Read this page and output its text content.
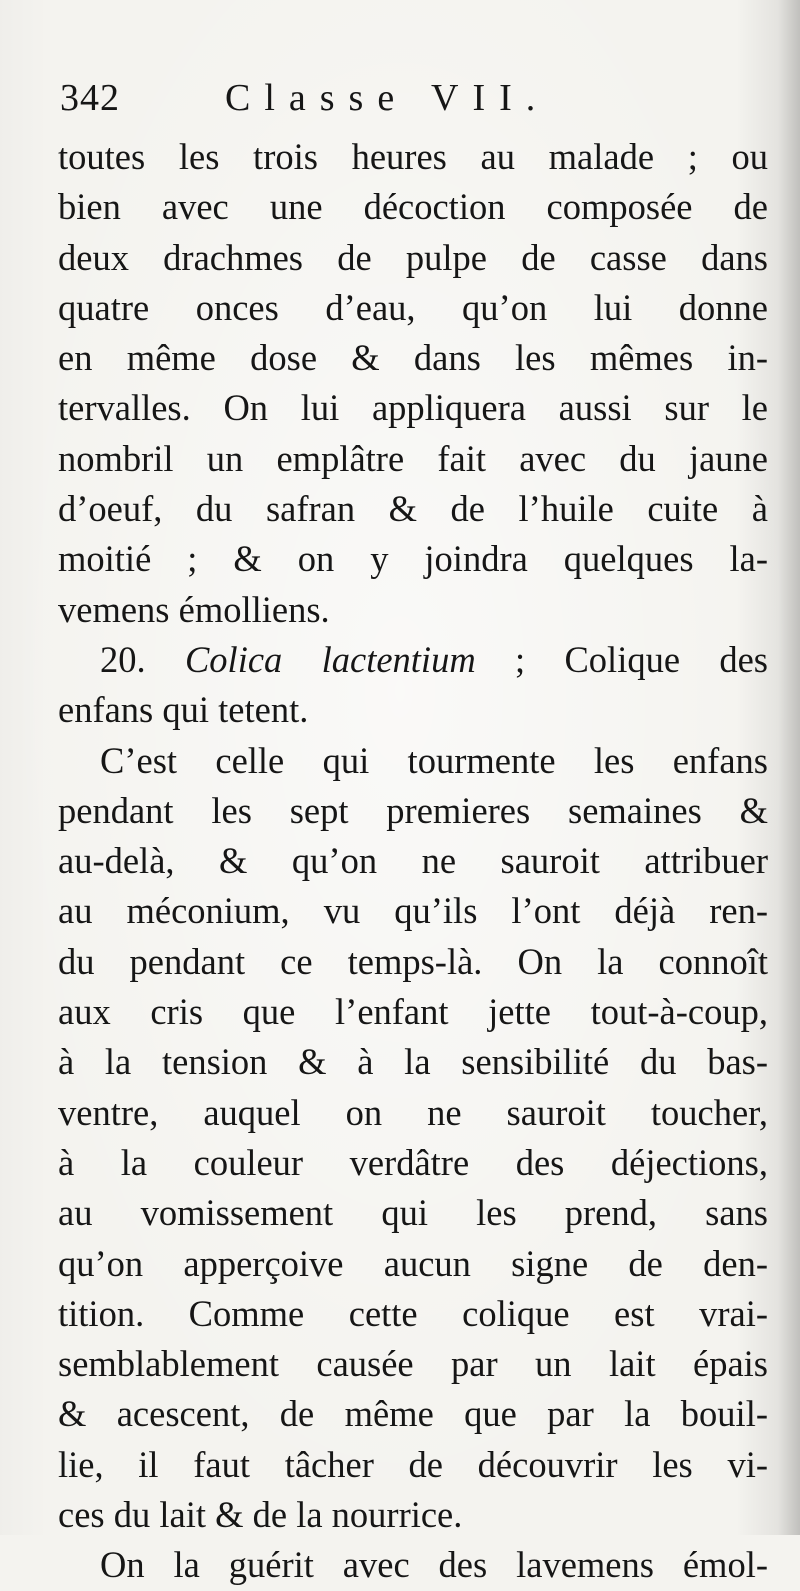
342	Classe VII.
toutes les trois heures au malade ; ou
bien avec une décoction composée de
deux drachmes de pulpe de casse dans
quatre onces d’eau, qu’on lui donne
en même dose & dans les mêmes in-
tervalles. On lui appliquera aussi sur le
nombril un emplâtre fait avec du jaune
d’oeuf, du safran & de l’huile cuite à
moitié ; & on y joindra quelques la-
vemens émolliens.
20. Colica lactentium ; Colique des
enfans qui tetent.
C’est celle qui tourmente les enfans
pendant les sept premieres semaines &
au-delà, & qu’on ne sauroit attribuer
au méconium, vu qu’ils l’ont déjà ren-
du pendant ce temps-là. On la connoît
aux cris que l’enfant jette tout-à-coup,
à la tension & à la sensibilité du bas-
ventre, auquel on ne sauroit toucher,
à la couleur verdâtre des déjections,
au vomissement qui les prend, sans
qu’on apperçoive aucun signe de den-
tition. Comme cette colique est vrai-
semblablement causée par un lait épais
& acescent, de même que par la bouil-
lie, il faut tâcher de découvrir les vi-
ces du lait & de la nourrice.
On la guérit avec des lavemens émol-
